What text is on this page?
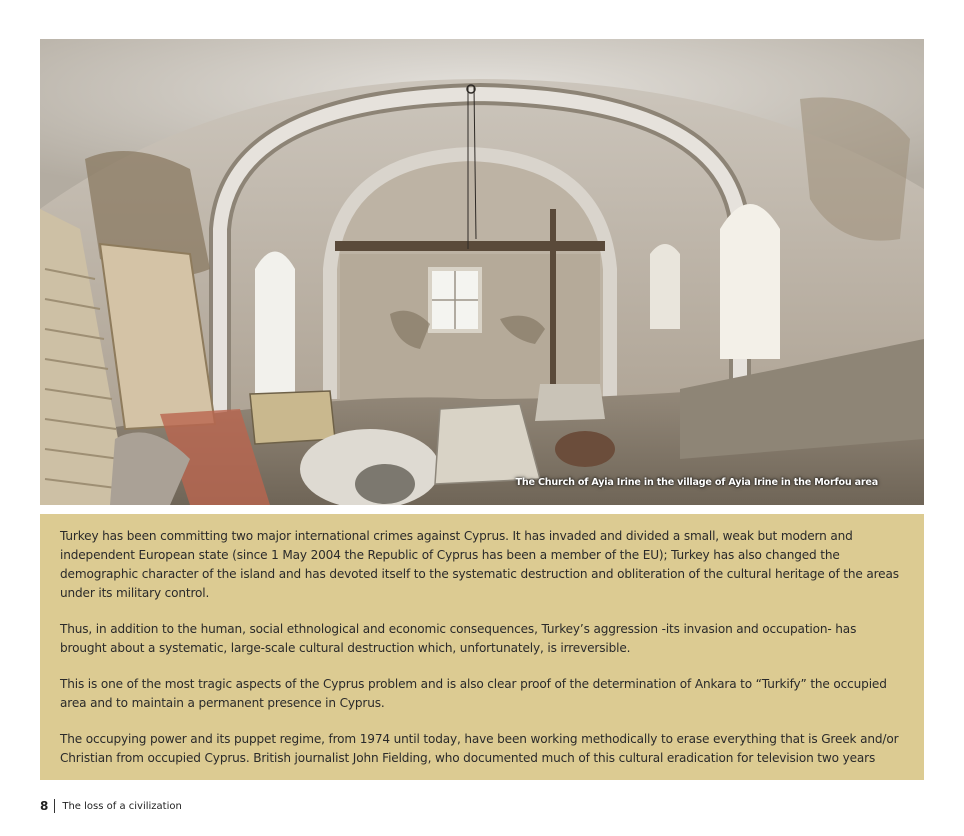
The Church of Ayia Irine in the village of Ayia Irine in the Morfou area

Turkey has been committing two major international crimes against Cyprus. It has invaded and divided a small, weak but modern and independent European state (since 1 May 2004 the Republic of Cyprus has been a member of the EU); Turkey has also changed the demographic character of the island and has devoted itself to the systematic destruction and obliteration of the cultural heritage of the areas under its military control.

Thus, in addition to the human, social ethnological and economic consequences, Turkey’s aggression -its invasion and occupation- has brought about a systematic, large-scale cultural destruction which, unfortunately, is irreversible.

This is one of the most tragic aspects of the Cyprus problem and is also clear proof of the determination of Ankara to “Turkify” the occupied area and to maintain a permanent presence in Cyprus.

The occupying power and its puppet regime, from 1974 until today, have been working methodically to erase everything that is Greek and/or Christian from occupied Cyprus. British journalist John Fielding, who documented much of this cultural eradication for television two years

8 The loss of a civilization
